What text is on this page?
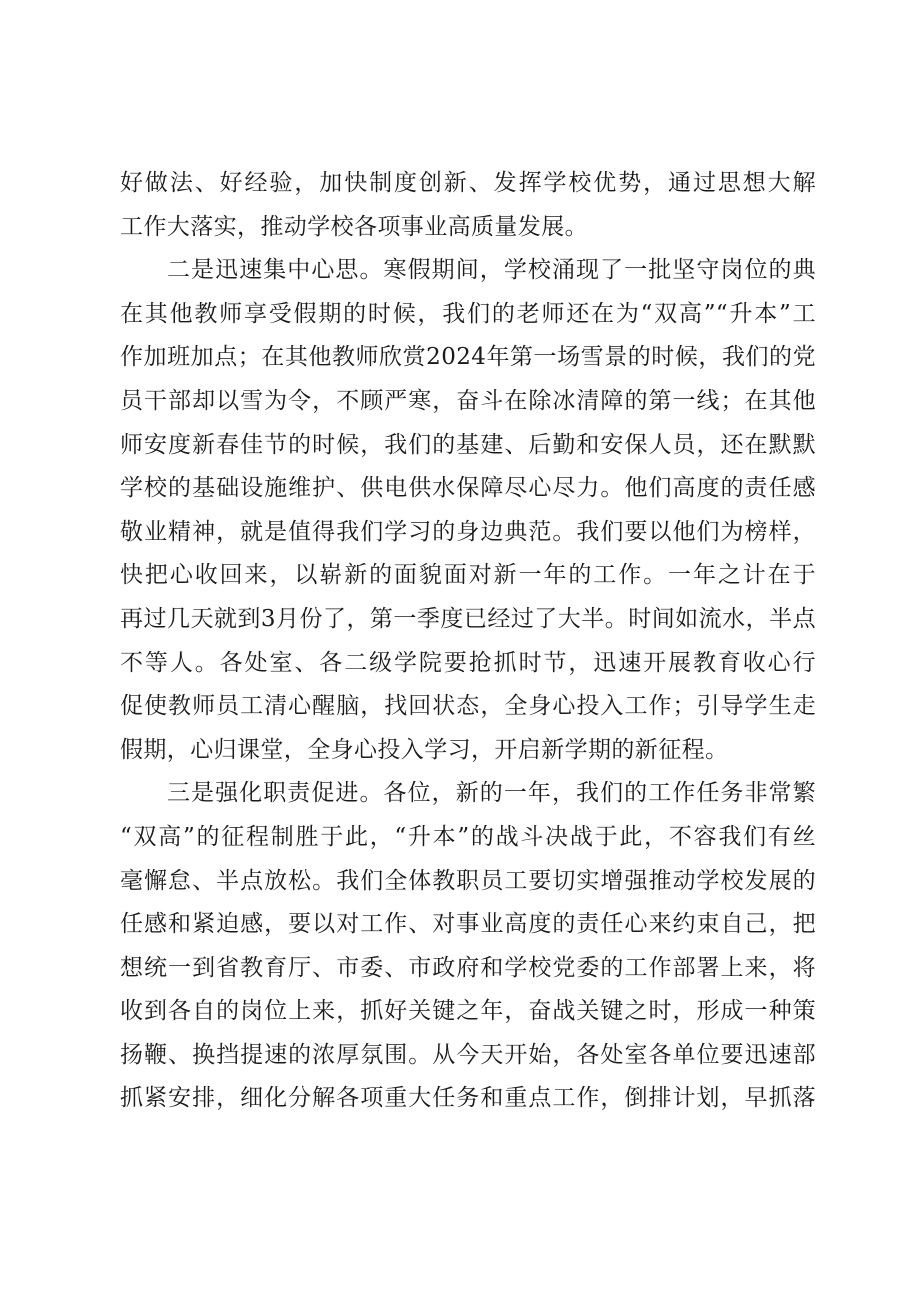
好做法、好经验，加快制度创新、发挥学校优势，通过思想大解
工作大落实，推动学校各项事业高质量发展。
二是迅速集中心思。寒假期间，学校涌现了一批坚守岗位的典
在其他教师享受假期的时候，我们的老师还在为“双高”“升本”工
作加班加点；在其他教师欣赏2024年第一场雪景的时候，我们的党
员干部却以雪为令，不顾严寒，奋斗在除冰清障的第一线；在其他
师安度新春佳节的时候，我们的基建、后勤和安保人员，还在默默
学校的基础设施维护、供电供水保障尽心尽力。他们高度的责任感
敬业精神，就是值得我们学习的身边典范。我们要以他们为榜样，
快把心收回来，以崭新的面貌面对新一年的工作。一年之计在于
再过几天就到3月份了，第一季度已经过了大半。时间如流水，半点
不等人。各处室、各二级学院要抢抓时节，迅速开展教育收心行
促使教师员工清心醒脑，找回状态，全身心投入工作；引导学生走
假期，心归课堂，全身心投入学习，开启新学期的新征程。
三是强化职责促进。各位，新的一年，我们的工作任务非常繁
“双高”的征程制胜于此，“升本”的战斗决战于此，不容我们有丝
毫懈怠、半点放松。我们全体教职员工要切实增强推动学校发展的
任感和紧迫感，要以对工作、对事业高度的责任心来约束自己，把
想统一到省教育厅、市委、市政府和学校党委的工作部署上来，将
收到各自的岗位上来，抓好关键之年，奋战关键之时，形成一种策
扬鞭、换挡提速的浓厚氛围。从今天开始，各处室各单位要迅速部
抓紧安排，细化分解各项重大任务和重点工作，倒排计划，早抓落
